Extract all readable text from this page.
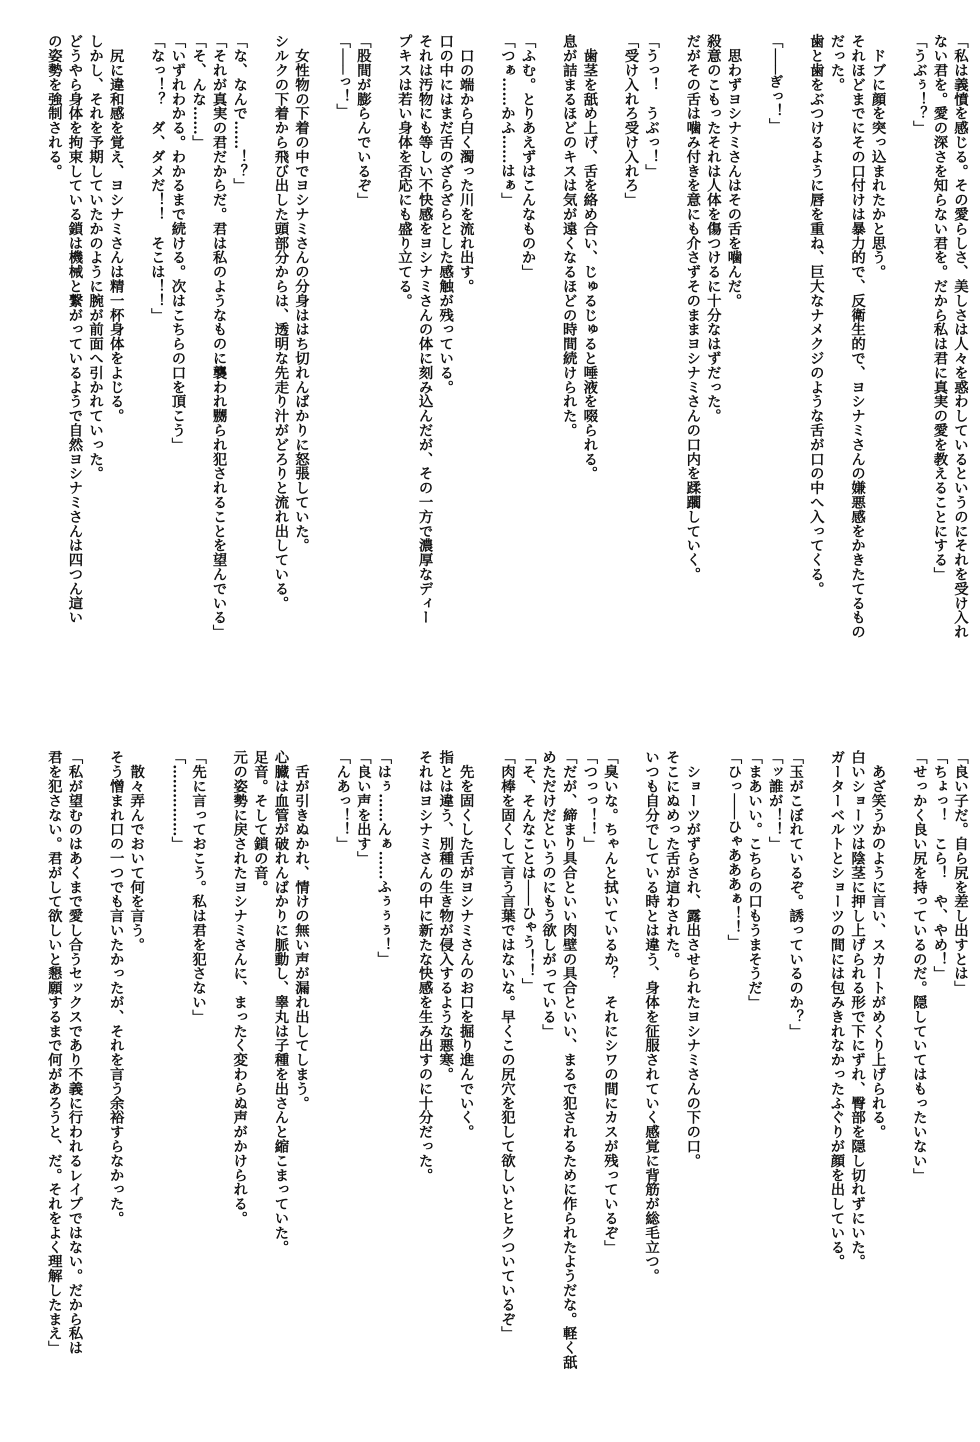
「私は義憤を感じる。その愛らしさ、美しさは人々を惑わしているというのにそれを受け入れ
ない君を。愛の深さを知らない君を。だから私は君に真実の愛を教えることにする」
「うぶぅ！？」

　ドブに顔を突っ込まれたかと思う。
それほどまでにその口付けは暴力的で、反衛生的で、ヨシナミさんの嫌悪感をかきたてるもの
だった。
歯と歯をぶつけるように唇を重ね、巨大なナメクジのような舌が口の中へ入ってくる。

「───ぎっ！」

　思わずヨシナミさんはその舌を噛んだ。
殺意のこもったそれは人体を傷つけるに十分なはずだった。
だがその舌は噛み付きを意にも介さずそのままヨシナミさんの口内を蹂躙していく。

「うっ！　うぶっ！」
「受け入れろ受け入れろ」

　歯茎を舐め上げ、舌を絡め合い、じゅるじゅると唾液を啜られる。
息が詰まるほどのキスは気が遠くなるほどの時間続けられた。

「ふむ。とりあえずはこんなものか」
「つぁ……かふ……はぁ」

　口の端から白く濁った川を流れ出す。
口の中にはまだ舌のざらざらとした感触が残っている。
それは汚物にも等しい不快感をヨシナミさんの体に刻み込んだが、その一方で濃厚なディー
プキスは若い身体を否応にも盛り立てる。

「股間が膨らんでいるぞ」
「───っ！」

　女性物の下着の中でヨシナミさんの分身ははち切れんばかりに怒張していた。
シルクの下着から飛び出した頭部分からは、透明な先走り汁がどろりと流れ出している。

「な、なんで……！？」
「それが真実の君だからだ。君は私のようなものに襲われ嬲られ犯されることを望んでいる」
「そ、んな……」
「いずれわかる。わかるまで続ける。次はこちらの口を頂こう」
「なっ！？　ダ、ダメだ！！　そこは！！」

　尻に違和感を覚え、ヨシナミさんは精一杯身体をよじる。
しかし、それを予期していたかのように腕が前面へ引かれていった。
どうやら身体を拘束している鎖は機械と繋がっているようで自然ヨシナミさんは四つん這い
の姿勢を強制される。
「良い子だ。自ら尻を差し出すとは」
「ちょっ！　こら！　や、やめ！」
「せっかく良い尻を持っているのだ。隠していてはもったいない」

　あざ笑うかのように言い、スカートがめくり上げられる。
白いショーツは陰茎に押し上げられる形で下にずれ、臀部を隠し切れずにいた。
ガーターベルトとショーツの間には包みきれなかったふぐりが顔を出している。

「玉がこぼれているぞ。誘っているのか？」
「ッ誰が！！」
「まあいい。こちらの口もうまそうだ」
「ひっ───ひゃあああぁ！！」

　ショーツがずらされ、露出させられたヨシナミさんの下の口。
そこにぬめった舌が這わされた。
いつも自分でしている時とは違う、身体を征服されていく感覚に背筋が総毛立つ。

「臭いな。ちゃんと拭いているか？　それにシワの間にカスが残っているぞ」
「つっっ！！」
「だが、締まり具合といい肉壁の具合といい、まるで犯されるために作られたようだな。軽く舐
めただけだというのにもう欲しがっている」
「そ、そんなことは───ひゃう！！」
「肉棒を固くして言う言葉ではないな。早くこの尻穴を犯して欲しいとヒクついているぞ」

　先を固くした舌がヨシナミさんのお口を掘り進んでいく。
指とは違う、別種の生き物が侵入するような悪寒。
それはヨシナミさんの中に新たな快感を生み出すのに十分だった。

「はぅ……んぁ……ふぅぅぅ！」
「良い声を出す」
「んあっ！！」

　舌が引きぬかれ、情けの無い声が漏れ出してしまう。
心臓は血管が破れんばかりに脈動し、睾丸は子種を出さんと縮こまっていた。
足音。そして鎖の音。
元の姿勢に戻されたヨシナミさんに、まったく変わらぬ声がかけられる。

「先に言っておこう。私は君を犯さない」
「……………」

　散々弄んでおいて何を言う。
そう憎まれ口の一つでも言いたかったが、それを言う余裕すらなかった。

「私が望むのはあくまで愛し合うセックスであり不義に行われるレイプではない。だから私は
君を犯さない。君がして欲しいと懇願するまで何があろうと、だ。それをよく理解したまえ」
